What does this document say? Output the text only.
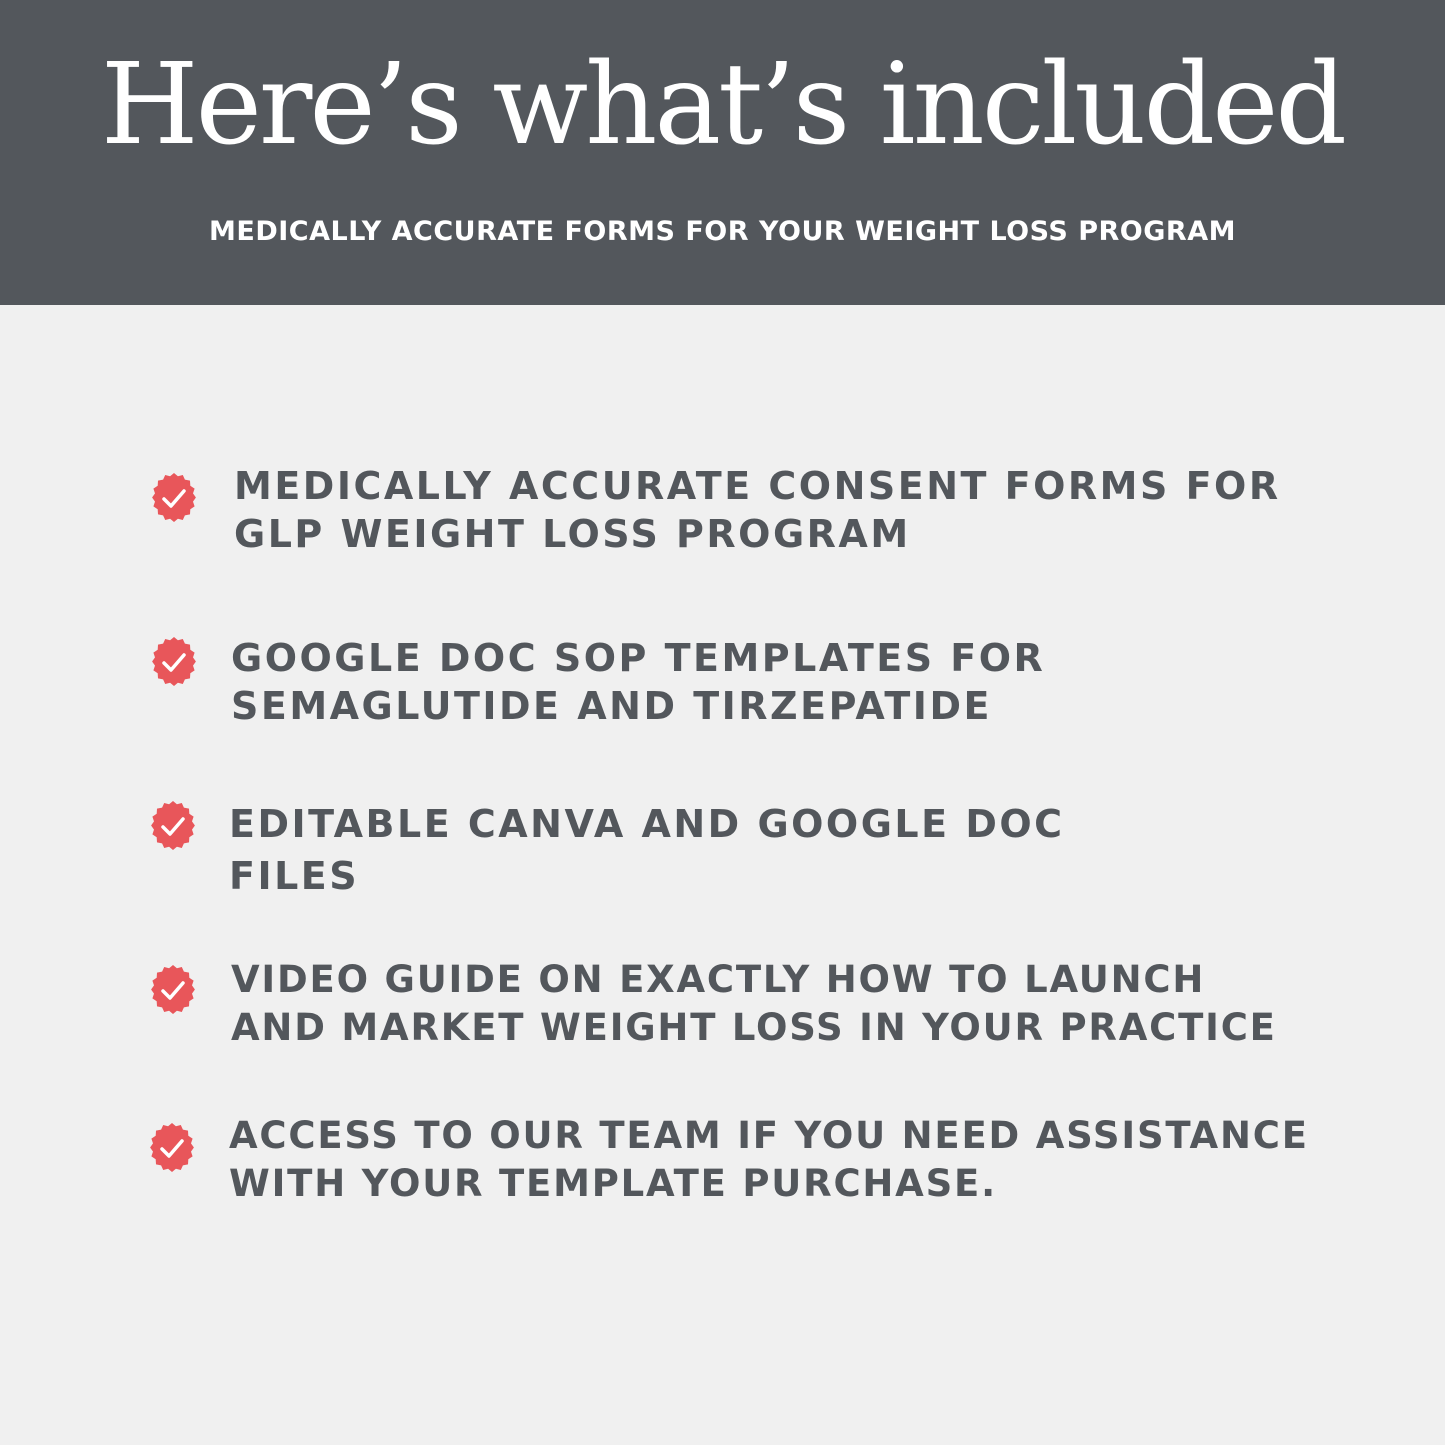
Here’s what’s included

MEDICALLY ACCURATE FORMS FOR YOUR WEIGHT LOSS PROGRAM

MEDICALLY ACCURATE CONSENT FORMS FOR
GLP WEIGHT LOSS PROGRAM

GOOGLE DOC SOP TEMPLATES FOR
SEMAGLUTIDE AND TIRZEPATIDE

EDITABLE CANVA AND GOOGLE DOC
FILES

VIDEO GUIDE ON EXACTLY HOW TO LAUNCH
AND MARKET WEIGHT LOSS IN YOUR PRACTICE

ACCESS TO OUR TEAM IF YOU NEED ASSISTANCE
WITH YOUR TEMPLATE PURCHASE.
